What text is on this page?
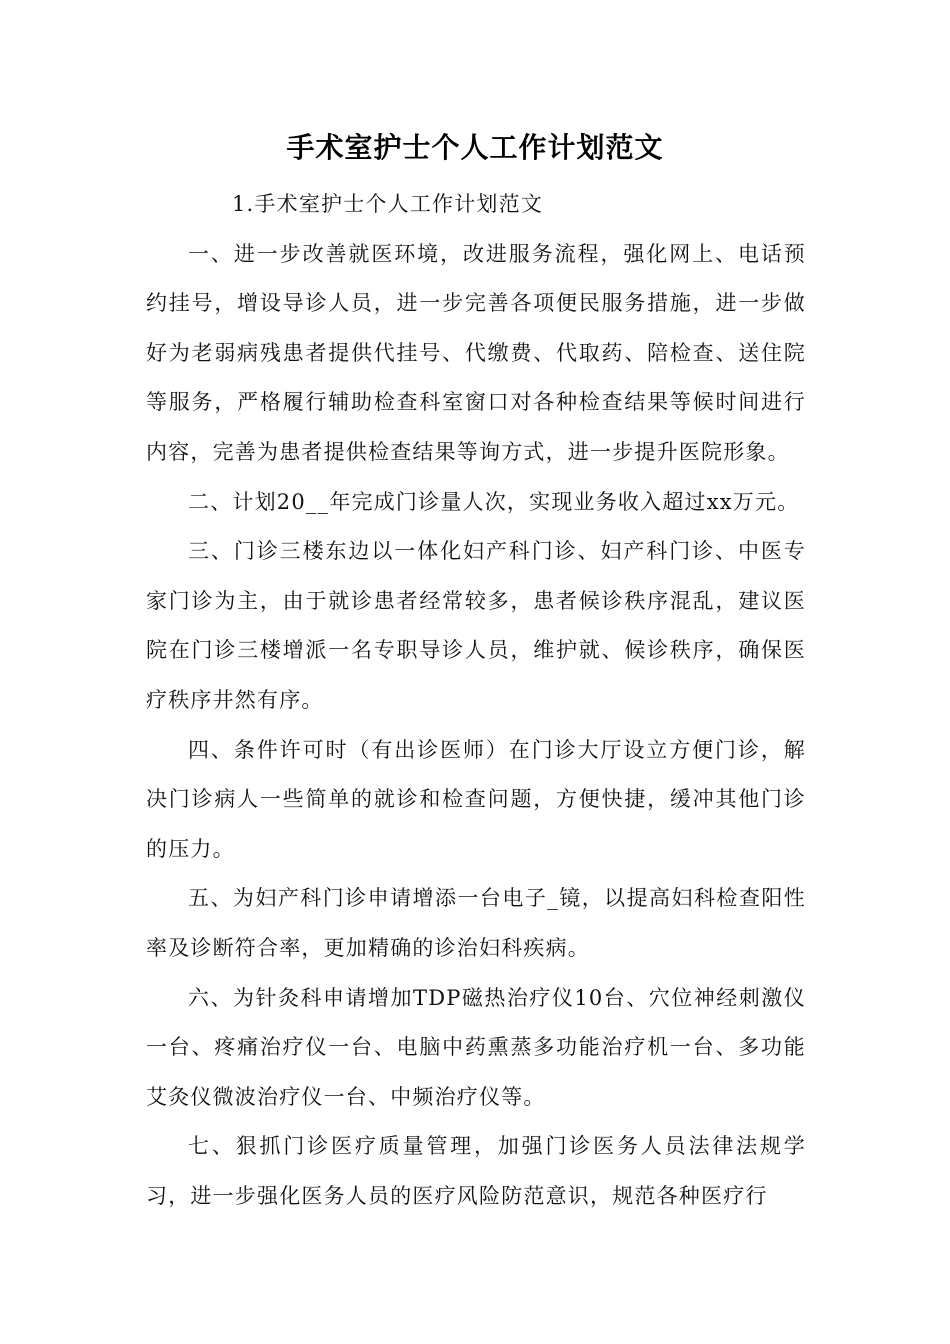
手术室护士个人工作计划范文

1.手术室护士个人工作计划范文

一、进一步改善就医环境，改进服务流程，强化网上、电话预约挂号，增设导诊人员，进一步完善各项便民服务措施，进一步做好为老弱病残患者提供代挂号、代缴费、代取药、陪检查、送住院等服务，严格履行辅助检查科室窗口对各种检查结果等候时间进行内容，完善为患者提供检查结果等询方式，进一步提升医院形象。

二、计划20__年完成门诊量人次，实现业务收入超过xx万元。

三、门诊三楼东边以一体化妇产科门诊、妇产科门诊、中医专家门诊为主，由于就诊患者经常较多，患者候诊秩序混乱，建议医院在门诊三楼增派一名专职导诊人员，维护就、候诊秩序，确保医疗秩序井然有序。

四、条件许可时（有出诊医师）在门诊大厅设立方便门诊，解决门诊病人一些简单的就诊和检查问题，方便快捷，缓冲其他门诊的压力。

五、为妇产科门诊申请增添一台电子_镜，以提高妇科检查阳性率及诊断符合率，更加精确的诊治妇科疾病。

六、为针灸科申请增加TDP磁热治疗仪10台、穴位神经刺激仪一台、疼痛治疗仪一台、电脑中药熏蒸多功能治疗机一台、多功能艾灸仪微波治疗仪一台、中频治疗仪等。

七、狠抓门诊医疗质量管理，加强门诊医务人员法律法规学习，进一步强化医务人员的医疗风险防范意识，规范各种医疗行
